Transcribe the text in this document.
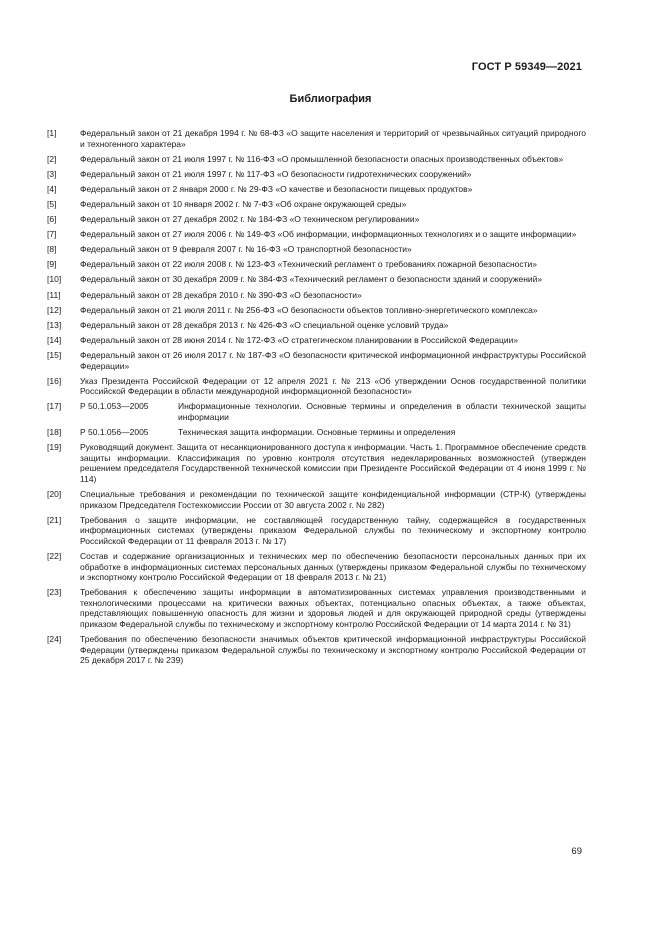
ГОСТ Р 59349—2021
Библиография
[1]	Федеральный закон от 21 декабря 1994 г. № 68-ФЗ «О защите населения и территорий от чрезвычайных ситуаций природного и техногенного характера»
[2]	Федеральный закон от 21 июля 1997 г. № 116-ФЗ «О промышленной безопасности опасных производственных объектов»
[3]	Федеральный закон от 21 июля 1997 г. № 117-ФЗ «О безопасности гидротехнических сооружений»
[4]	Федеральный закон от 2 января 2000 г. № 29-ФЗ «О качестве и безопасности пищевых продуктов»
[5]	Федеральный закон от 10 января 2002 г. № 7-ФЗ «Об охране окружающей среды»
[6]	Федеральный закон от 27 декабря 2002 г. № 184-ФЗ «О техническом регулировании»
[7]	Федеральный закон от 27 июля 2006 г. № 149-ФЗ «Об информации, информационных технологиях и о защите информации»
[8]	Федеральный закон от 9 февраля 2007 г. № 16-ФЗ «О транспортной безопасности»
[9]	Федеральный закон от 22 июля 2008 г. № 123-ФЗ «Технический регламент о требованиях пожарной безопасности»
[10] Федеральный закон от 30 декабря 2009 г. № 384-ФЗ «Технический регламент о безопасности зданий и сооружений»
[11] Федеральный закон от 28 декабря 2010 г. № 390-ФЗ «О безопасности»
[12] Федеральный закон от 21 июля 2011 г. № 256-ФЗ «О безопасности объектов топливно-энергетического комплекса»
[13] Федеральный закон от 28 декабря 2013 г. № 426-ФЗ «О специальной оценке условий труда»
[14] Федеральный закон от 28 июня 2014 г. № 172-ФЗ «О стратегическом планировании в Российской Федерации»
[15] Федеральный закон от 26 июля 2017 г. № 187-ФЗ «О безопасности критической информационной инфраструктуры Российской Федерации»
[16] Указ Президента Российской Федерации от 12 апреля 2021 г. № 213 «Об утверждении Основ государственной политики Российской Федерации в области международной информационной безопасности»
[17] Р 50.1.053—2005	Информационные технологии. Основные термины и определения в области технической защиты информации
[18] Р 50.1.056—2005	Техническая защита информации. Основные термины и определения
[19] Руководящий документ. Защита от несанкционированного доступа к информации. Часть 1. Программное обеспечение средств защиты информации. Классификация по уровню контроля отсутствия недекларированных возможностей (утвержден решением председателя Государственной технической комиссии при Президенте Российской Федерации от 4 июня 1999 г. № 114)
[20] Специальные требования и рекомендации по технической защите конфиденциальной информации (СТР-К) (утверждены приказом Председателя Гостехкомиссии России от 30 августа 2002 г. № 282)
[21] Требования о защите информации, не составляющей государственную тайну, содержащейся в государственных информационных системах (утверждены приказом Федеральной службы по техническому и экспортному контролю Российской Федерации от 11 февраля 2013 г. № 17)
[22] Состав и содержание организационных и технических мер по обеспечению безопасности персональных данных при их обработке в информационных системах персональных данных (утверждены приказом Федеральной службы по техническому и экспортному контролю Российской Федерации от 18 февраля 2013 г. № 21)
[23] Требования к обеспечению защиты информации в автоматизированных системах управления производственными и технологическими процессами на критически важных объектах, потенциально опасных объектах, а также объектах, представляющих повышенную опасность для жизни и здоровья людей и для окружающей природной среды (утверждены приказом Федеральной службы по техническому и экспортному контролю Российской Федерации от 14 марта 2014 г. № 31)
[24] Требования по обеспечению безопасности значимых объектов критической информационной инфраструктуры Российской Федерации (утверждены приказом Федеральной службы по техническому и экспортному контролю Российской Федерации от 25 декабря 2017 г. № 239)
69
